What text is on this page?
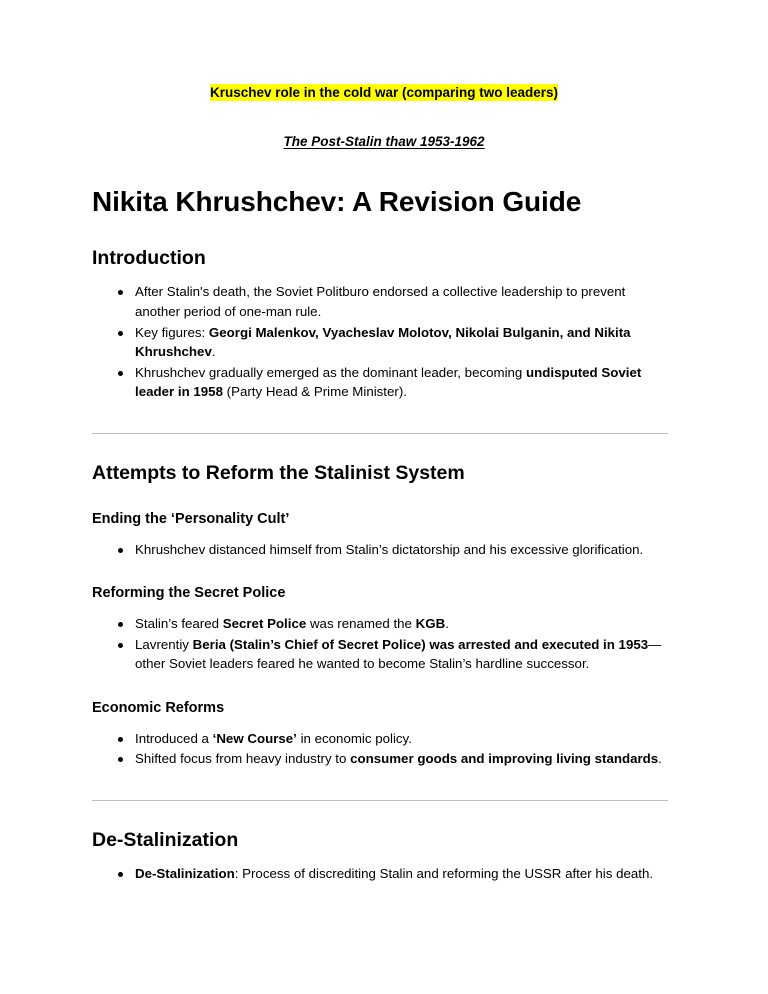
Kruschev role in the cold war (comparing two leaders)

The Post-Stalin thaw 1953-1962

Nikita Khrushchev: A Revision Guide
Introduction
After Stalin's death, the Soviet Politburo endorsed a collective leadership to prevent another period of one-man rule.
Key figures: Georgi Malenkov, Vyacheslav Molotov, Nikolai Bulganin, and Nikita Khrushchev.
Khrushchev gradually emerged as the dominant leader, becoming undisputed Soviet leader in 1958 (Party Head & Prime Minister).
Attempts to Reform the Stalinist System
Ending the ‘Personality Cult’
Khrushchev distanced himself from Stalin’s dictatorship and his excessive glorification.
Reforming the Secret Police
Stalin’s feared Secret Police was renamed the KGB.
Lavrentiy Beria (Stalin’s Chief of Secret Police) was arrested and executed in 1953—other Soviet leaders feared he wanted to become Stalin’s hardline successor.
Economic Reforms
Introduced a ‘New Course’ in economic policy.
Shifted focus from heavy industry to consumer goods and improving living standards.
De-Stalinization
De-Stalinization: Process of discrediting Stalin and reforming the USSR after his death.
